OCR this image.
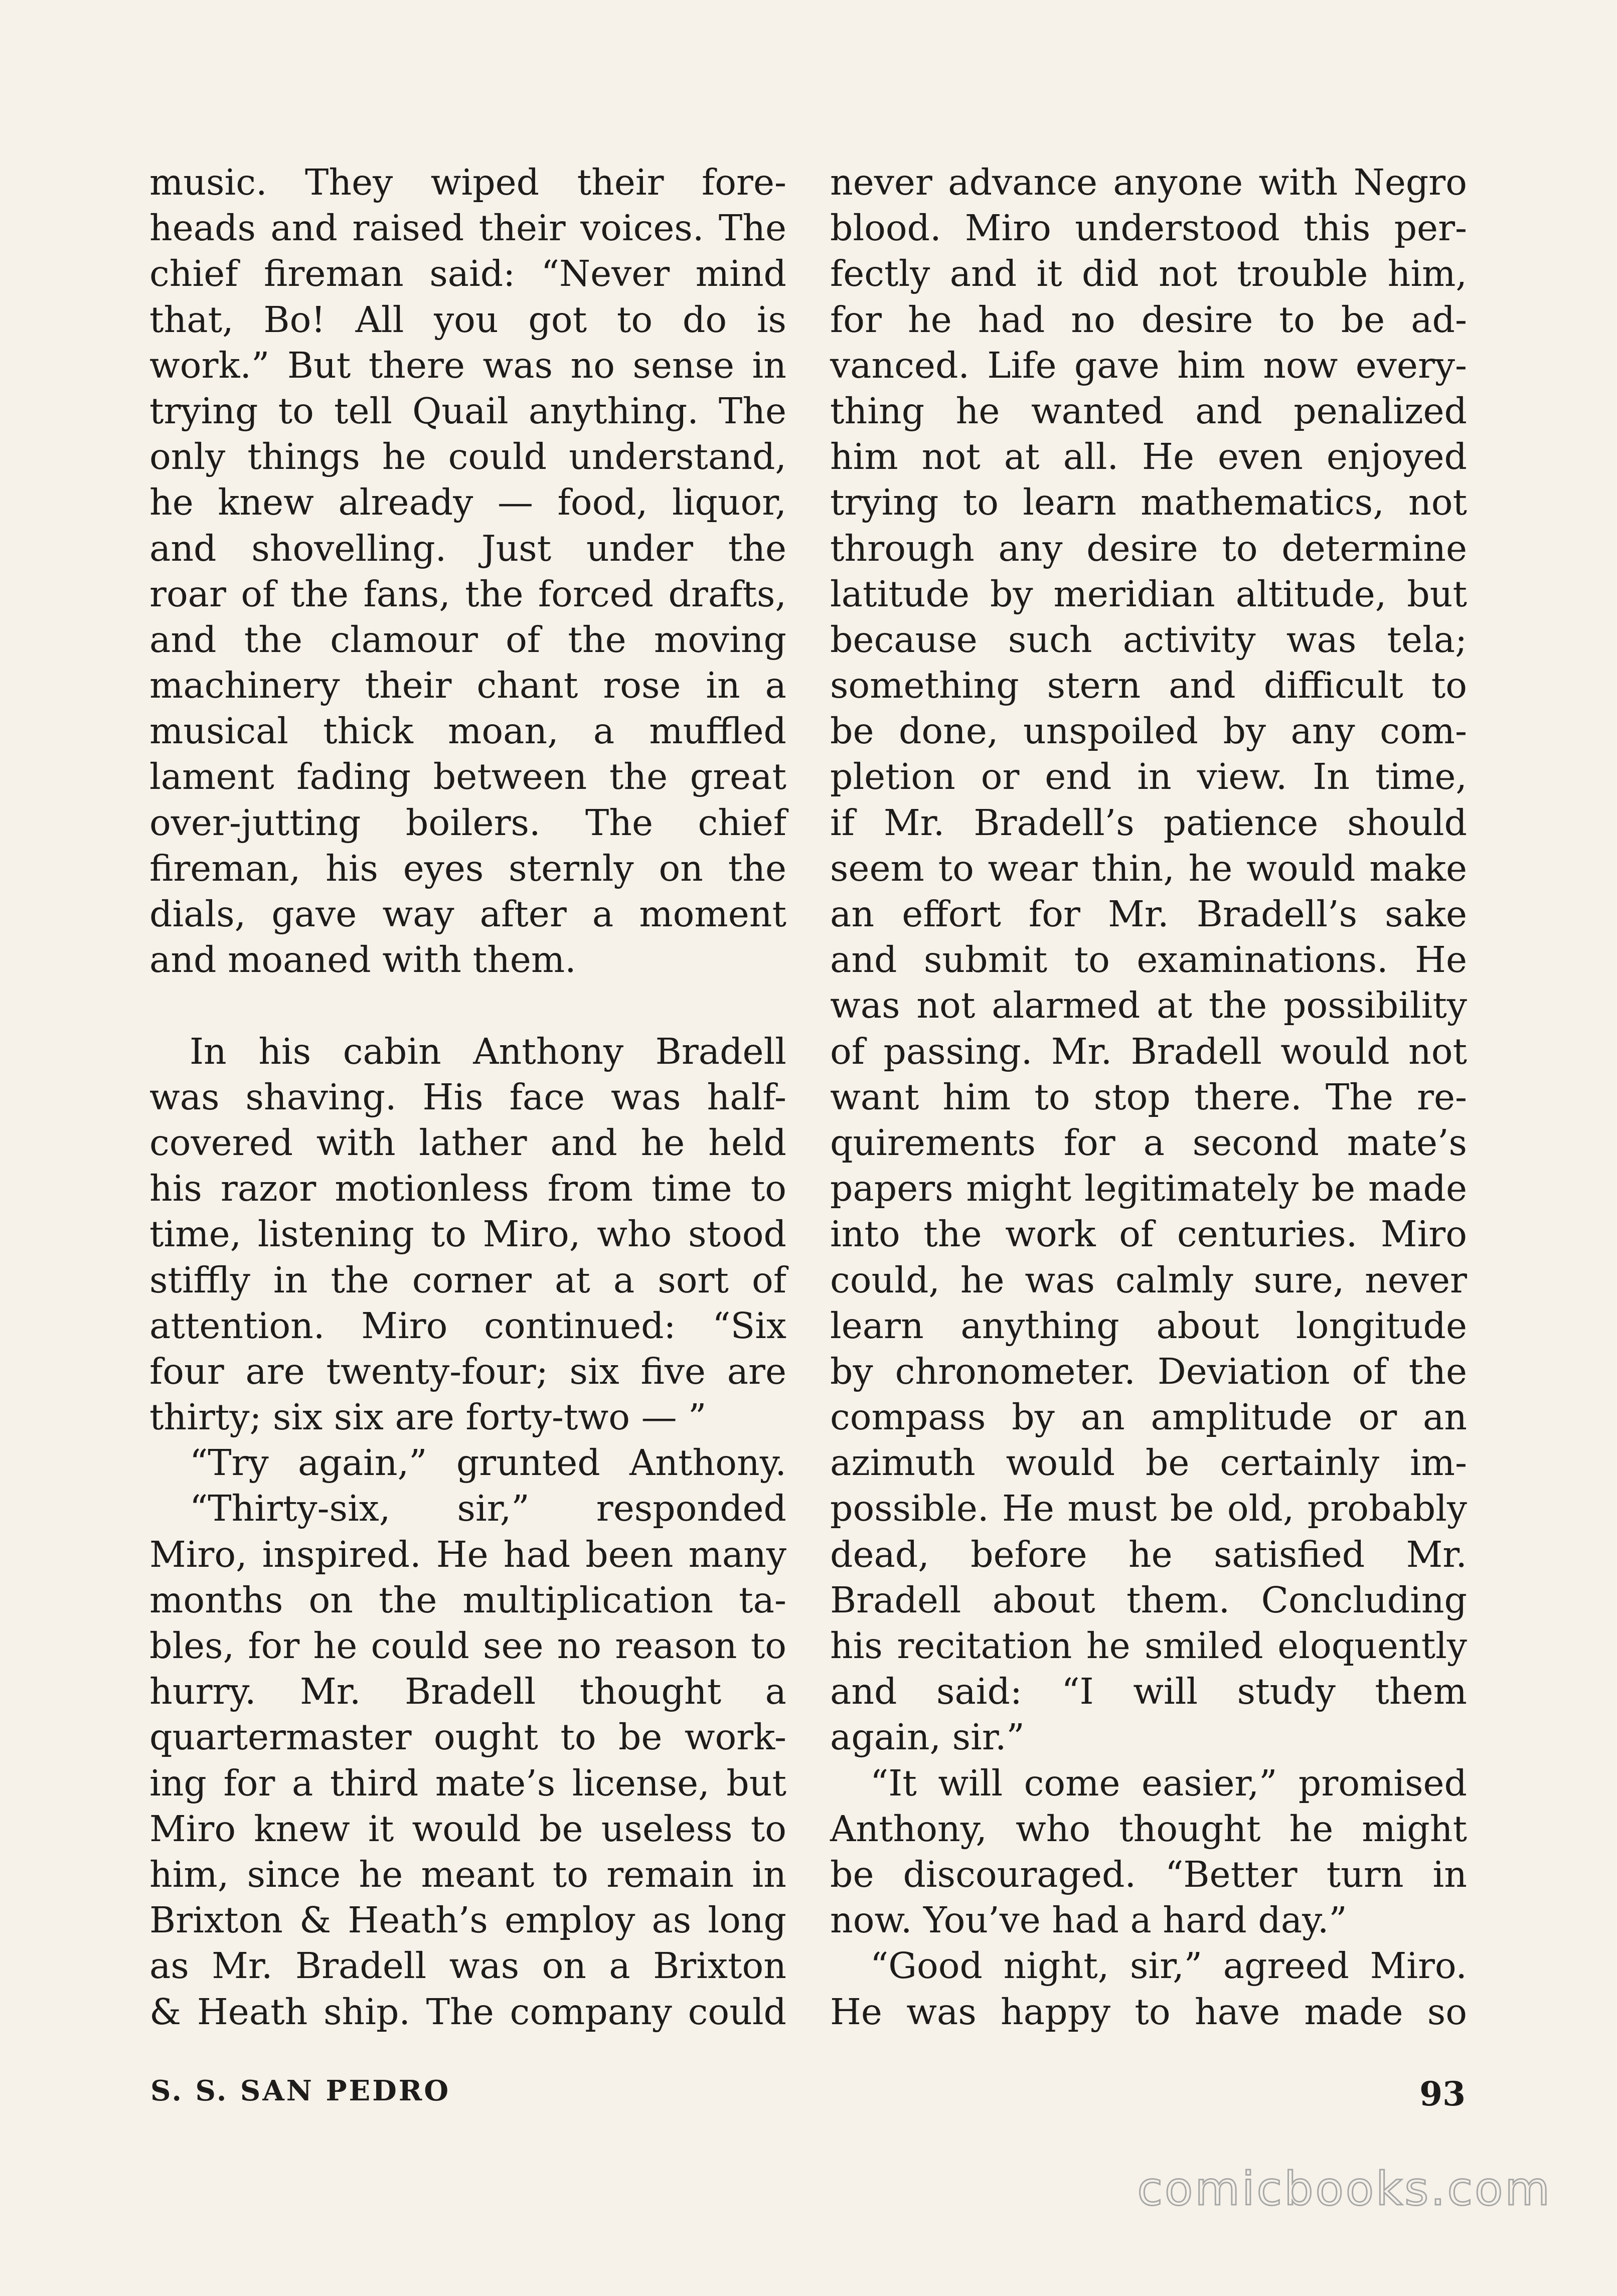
music. They wiped their fore-
heads and raised their voices. The
chief fireman said: “Never mind
that, Bo! All you got to do is
work.” But there was no sense in
trying to tell Quail anything. The
only things he could understand,
he knew already — food, liquor,
and shovelling. Just under the
roar of the fans, the forced drafts,
and the clamour of the moving
machinery their chant rose in a
musical thick moan, a muffled
lament fading between the great
over-jutting boilers. The chief
fireman, his eyes sternly on the
dials, gave way after a moment
and moaned with them.
In his cabin Anthony Bradell
was shaving. His face was half-
covered with lather and he held
his razor motionless from time to
time, listening to Miro, who stood
stiffly in the corner at a sort of
attention. Miro continued: “Six
four are twenty-four; six five are
thirty; six six are forty-two — ”
“Try again,” grunted Anthony.
“Thirty-six, sir,” responded
Miro, inspired. He had been many
months on the multiplication ta-
bles, for he could see no reason to
hurry. Mr. Bradell thought a
quartermaster ought to be work-
ing for a third mate’s license, but
Miro knew it would be useless to
him, since he meant to remain in
Brixton & Heath’s employ as long
as Mr. Bradell was on a Brixton
& Heath ship. The company could
never advance anyone with Negro
blood. Miro understood this per-
fectly and it did not trouble him,
for he had no desire to be ad-
vanced. Life gave him now every-
thing he wanted and penalized
him not at all. He even enjoyed
trying to learn mathematics, not
through any desire to determine
latitude by meridian altitude, but
because such activity was tela;
something stern and difficult to
be done, unspoiled by any com-
pletion or end in view. In time,
if Mr. Bradell’s patience should
seem to wear thin, he would make
an effort for Mr. Bradell’s sake
and submit to examinations. He
was not alarmed at the possibility
of passing. Mr. Bradell would not
want him to stop there. The re-
quirements for a second mate’s
papers might legitimately be made
into the work of centuries. Miro
could, he was calmly sure, never
learn anything about longitude
by chronometer. Deviation of the
compass by an amplitude or an
azimuth would be certainly im-
possible. He must be old, probably
dead, before he satisfied Mr.
Bradell about them. Concluding
his recitation he smiled eloquently
and said: “I will study them
again, sir.”
“It will come easier,” promised
Anthony, who thought he might
be discouraged. “Better turn in
now. You’ve had a hard day.”
“Good night, sir,” agreed Miro.
He was happy to have made so
S. S. SAN PEDRO	93
comicbooks.com
